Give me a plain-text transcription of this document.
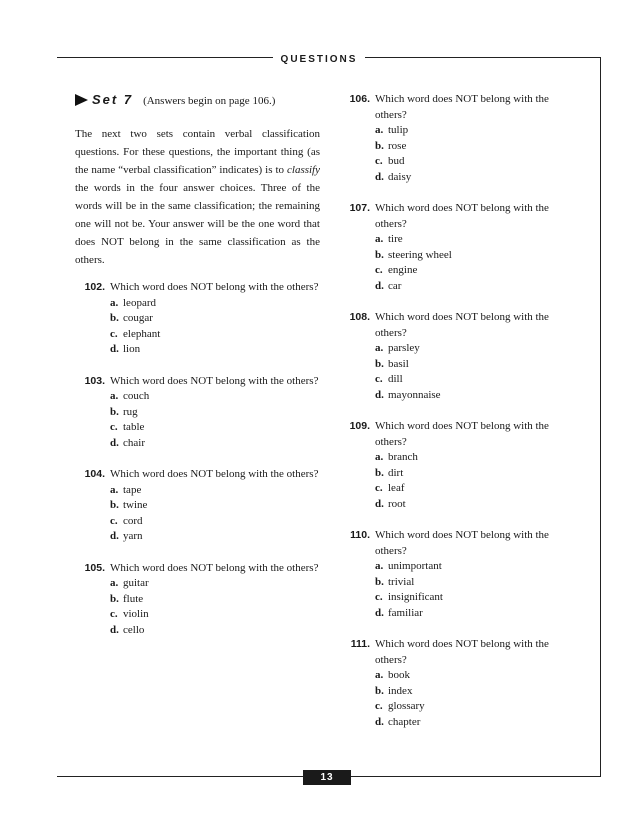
QUESTIONS
Set 7 (Answers begin on page 106.)

The next two sets contain verbal classification questions. For these questions, the important thing (as the name “verbal classification” indicates) is to classify the words in the four answer choices. Three of the words will be in the same classification; the remaining one will not be. Your answer will be the one word that does NOT belong in the same classification as the others.

102. Which word does NOT belong with the others?
a. leopard
b. cougar
c. elephant
d. lion
103. Which word does NOT belong with the others?
a. couch
b. rug
c. table
d. chair
104. Which word does NOT belong with the others?
a. tape
b. twine
c. cord
d. yarn
105. Which word does NOT belong with the others?
a. guitar
b. flute
c. violin
d. cello
106. Which word does NOT belong with the others?
a. tulip
b. rose
c. bud
d. daisy
107. Which word does NOT belong with the others?
a. tire
b. steering wheel
c. engine
d. car
108. Which word does NOT belong with the others?
a. parsley
b. basil
c. dill
d. mayonnaise
109. Which word does NOT belong with the others?
a. branch
b. dirt
c. leaf
d. root
110. Which word does NOT belong with the others?
a. unimportant
b. trivial
c. insignificant
d. familiar
111. Which word does NOT belong with the others?
a. book
b. index
c. glossary
d. chapter
13
